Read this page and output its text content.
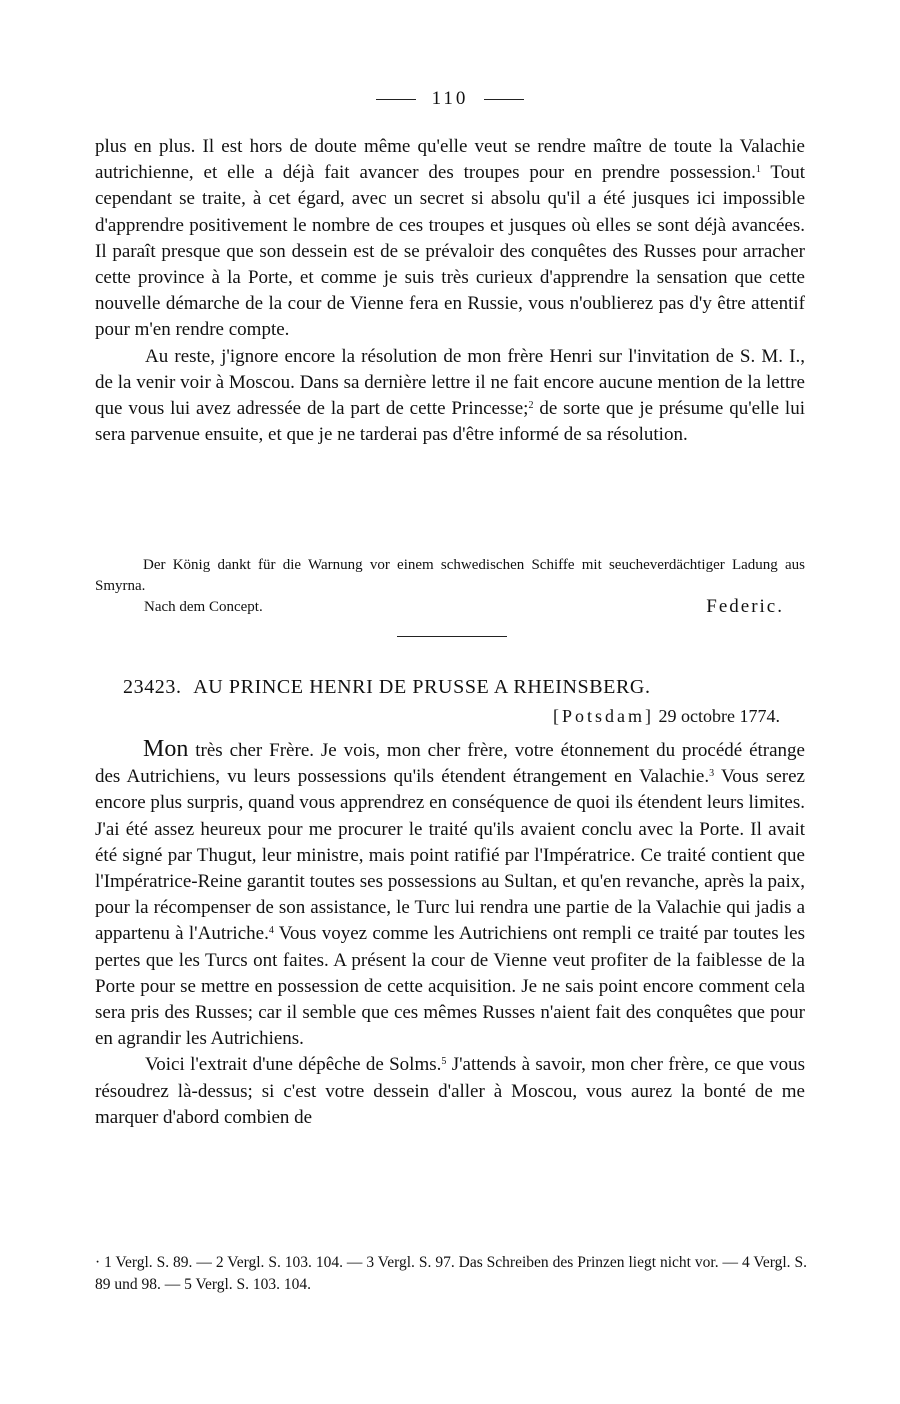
110

plus en plus. Il est hors de doute même qu'elle veut se rendre maître de toute la Valachie autrichienne, et elle a déjà fait avancer des troupes pour en prendre possession.$^1$ Tout cependant se traite, à cet égard, avec un secret si absolu qu'il a été jusques ici impossible d'apprendre positivement le nombre de ces troupes et jusques où elles se sont déjà avancées. Il paraît presque que son dessein est de se prévaloir des conquêtes des Russes pour arracher cette province à la Porte, et comme je suis très curieux d'apprendre la sensation que cette nouvelle démarche de la cour de Vienne fera en Russie, vous n'oublierez pas d'y être attentif pour m'en rendre compte.

Au reste, j'ignore encore la résolution de mon frère Henri sur l'invitation de S. M. I., de la venir voir à Moscou. Dans sa dernière lettre il ne fait encore aucune mention de la lettre que vous lui avez adressée de la part de cette Princesse;$^2$ de sorte que je présume qu'elle lui sera parvenue ensuite, et que je ne tarderai pas d'être informé de sa résolution.

Der König dankt für die Warnung vor einem schwedischen Schiffe mit seucheverdächtiger Ladung aus Smyrna.
Nach dem Concept.	Federic.
23423. AU PRINCE HENRI DE PRUSSE A RHEINSBERG.
[Potsdam] 29 octobre 1774.

Mon très cher Frère. Je vois, mon cher frère, votre étonnement du procédé étrange des Autrichiens, vu leurs possessions qu'ils étendent étrangement en Valachie.$^3$ Vous serez encore plus surpris, quand vous apprendrez en conséquence de quoi ils étendent leurs limites. J'ai été assez heureux pour me procurer le traité qu'ils avaient conclu avec la Porte. Il avait été signé par Thugut, leur ministre, mais point ratifié par l'Impératrice. Ce traité contient que l'Impératrice-Reine garantit toutes ses possessions au Sultan, et qu'en revanche, après la paix, pour la récompenser de son assistance, le Turc lui rendra une partie de la Valachie qui jadis a appartenu à l'Autriche.$^4$ Vous voyez comme les Autrichiens ont rempli ce traité par toutes les pertes que les Turcs ont faites. A présent la cour de Vienne veut profiter de la faiblesse de la Porte pour se mettre en possession de cette acquisition. Je ne sais point encore comment cela sera pris des Russes; car il semble que ces mêmes Russes n'aient fait des conquêtes que pour en agrandir les Autrichiens.

Voici l'extrait d'une dépêche de Solms.$^5$ J'attends à savoir, mon cher frère, ce que vous résoudrez là-dessus; si c'est votre dessein d'aller à Moscou, vous aurez la bonté de me marquer d'abord combien de

· 1 Vergl. S. 89. — 2 Vergl. S. 103. 104. — 3 Vergl. S. 97. Das Schreiben des Prinzen liegt nicht vor. — 4 Vergl. S. 89 und 98. — 5 Vergl. S. 103. 104.
